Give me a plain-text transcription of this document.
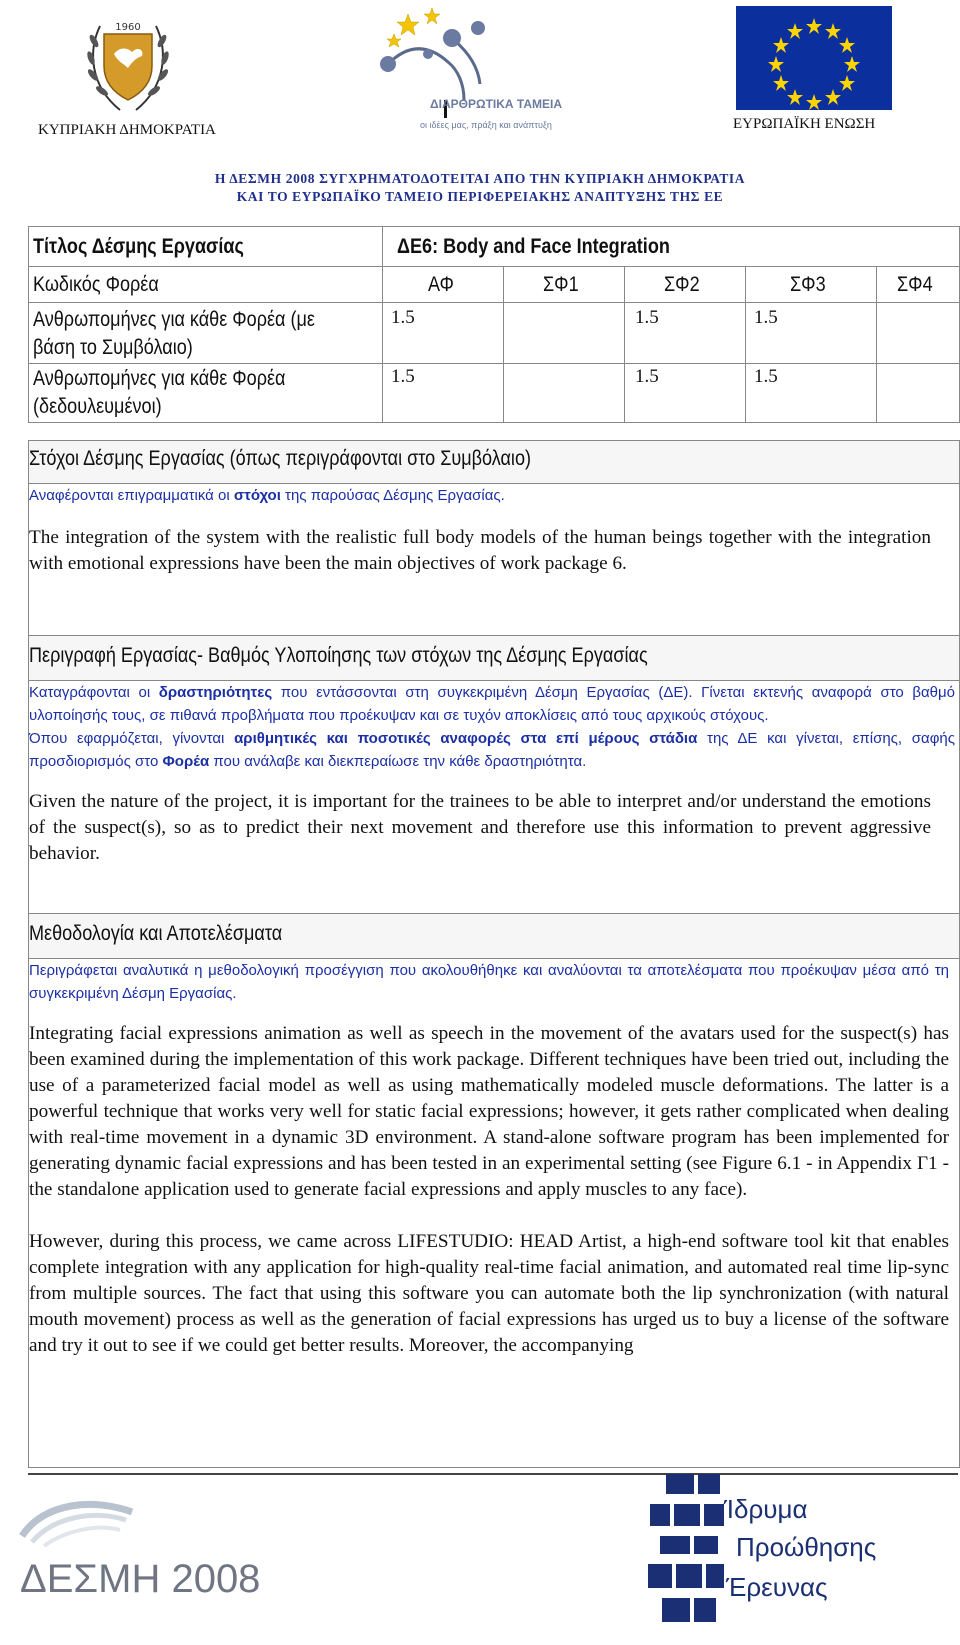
1960
ΚΥΠΡΙΑΚΗ ΔΗΜΟΚΡΑΤΙΑ
ΔΙΑΡΘΡΩΤΙΚΑ ΤΑΜΕΙΑ
οι ιδέες μας, πράξη και ανάπτυξη	ΕΥΡΩΠΑΪΚΗ ΕΝΩΣΗ
Η ΔΕΣΜΗ 2008 ΣΥΓΧΡΗΜΑΤΟΔΟΤΕΙΤΑΙ ΑΠΟ ΤΗΝ ΚΥΠΡΙΑΚΗ ΔΗΜΟΚΡΑΤΙΑ
ΚΑΙ ΤΟ ΕΥΡΩΠΑΪΚΟ ΤΑΜΕΙΟ ΠΕΡΙΦΕΡΕΙΑΚΗΣ ΑΝΑΠΤΥΞΗΣ ΤΗΣ ΕΕ
Τίτλος Δέσμης Εργασίας	ΔΕ6: Body and Face Integration				
Κωδικός Φορέα	ΑΦ	ΣΦ1	ΣΦ2	ΣΦ3	ΣΦ4
Ανθρωπομήνες για κάθε Φορέα (με
βάση το Συμβόλαιο)	1.5		1.5	1.5	
Ανθρωπομήνες για κάθε Φορέα
(δεδουλευμένοι)	1.5		1.5	1.5	
Στόχοι Δέσμης Εργασίας (όπως περιγράφονται στο Συμβόλαιο)
Αναφέρονται επιγραμματικά οι στόχοι της παρούσας Δέσμης Εργασίας.
The integration of the system with the realistic full body models of the human beings together with the integration with emotional expressions have been the main objectives of work package 6.
Περιγραφή Εργασίας- Βαθμός Υλοποίησης των στόχων της Δέσμης Εργασίας
Καταγράφονται οι δραστηριότητες που εντάσσονται στη συγκεκριμένη Δέσμη Εργασίας (ΔΕ). Γίνεται εκτενής αναφορά στο βαθμό υλοποίησής τους, σε πιθανά προβλήματα που προέκυψαν και σε τυχόν αποκλίσεις από τους αρχικούς στόχους.
Όπου εφαρμόζεται, γίνονται αριθμητικές και ποσοτικές αναφορές στα επί μέρους στάδια της ΔΕ και γίνεται, επίσης, σαφής προσδιορισμός στο Φορέα που ανάλαβε και διεκπεραίωσε την κάθε δραστηριότητα.
Given the nature of the project, it is important for the trainees to be able to interpret and/or understand the emotions of the suspect(s), so as to predict their next movement and therefore use this information to prevent aggressive behavior.
Μεθοδολογία και Αποτελέσματα
Περιγράφεται αναλυτικά η μεθοδολογική προσέγγιση που ακολουθήθηκε και αναλύονται τα αποτελέσματα που προέκυψαν μέσα από τη συγκεκριμένη Δέσμη Εργασίας.
Integrating facial expressions animation as well as speech in the movement of the avatars used for the suspect(s) has been examined during the implementation of this work package. Different techniques have been tried out, including the use of a parameterized facial model as well as using mathematically modeled muscle deformations. The latter is a powerful technique that works very well for static facial expressions; however, it gets rather complicated when dealing with real-time movement in a dynamic 3D environment. A stand-alone software program has been implemented for generating dynamic facial expressions and has been tested in an experimental setting (see Figure 6.1 - in Appendix Γ1 - the standalone application used to generate facial expressions and apply muscles to any face).
However, during this process, we came across LIFESTUDIO: HEAD Artist, a high-end software tool kit that enables complete integration with any application for high-quality real-time facial animation, and automated real time lip-sync from multiple sources. The fact that using this software you can automate both the lip synchronization (with natural mouth movement) process as well as the generation of facial expressions has urged us to buy a license of the software and try it out to see if we could get better results. Moreover, the accompanying
ΔΕΣΜΗ 2008
Ίδρυμα
Προώθησης
Έρευνας
